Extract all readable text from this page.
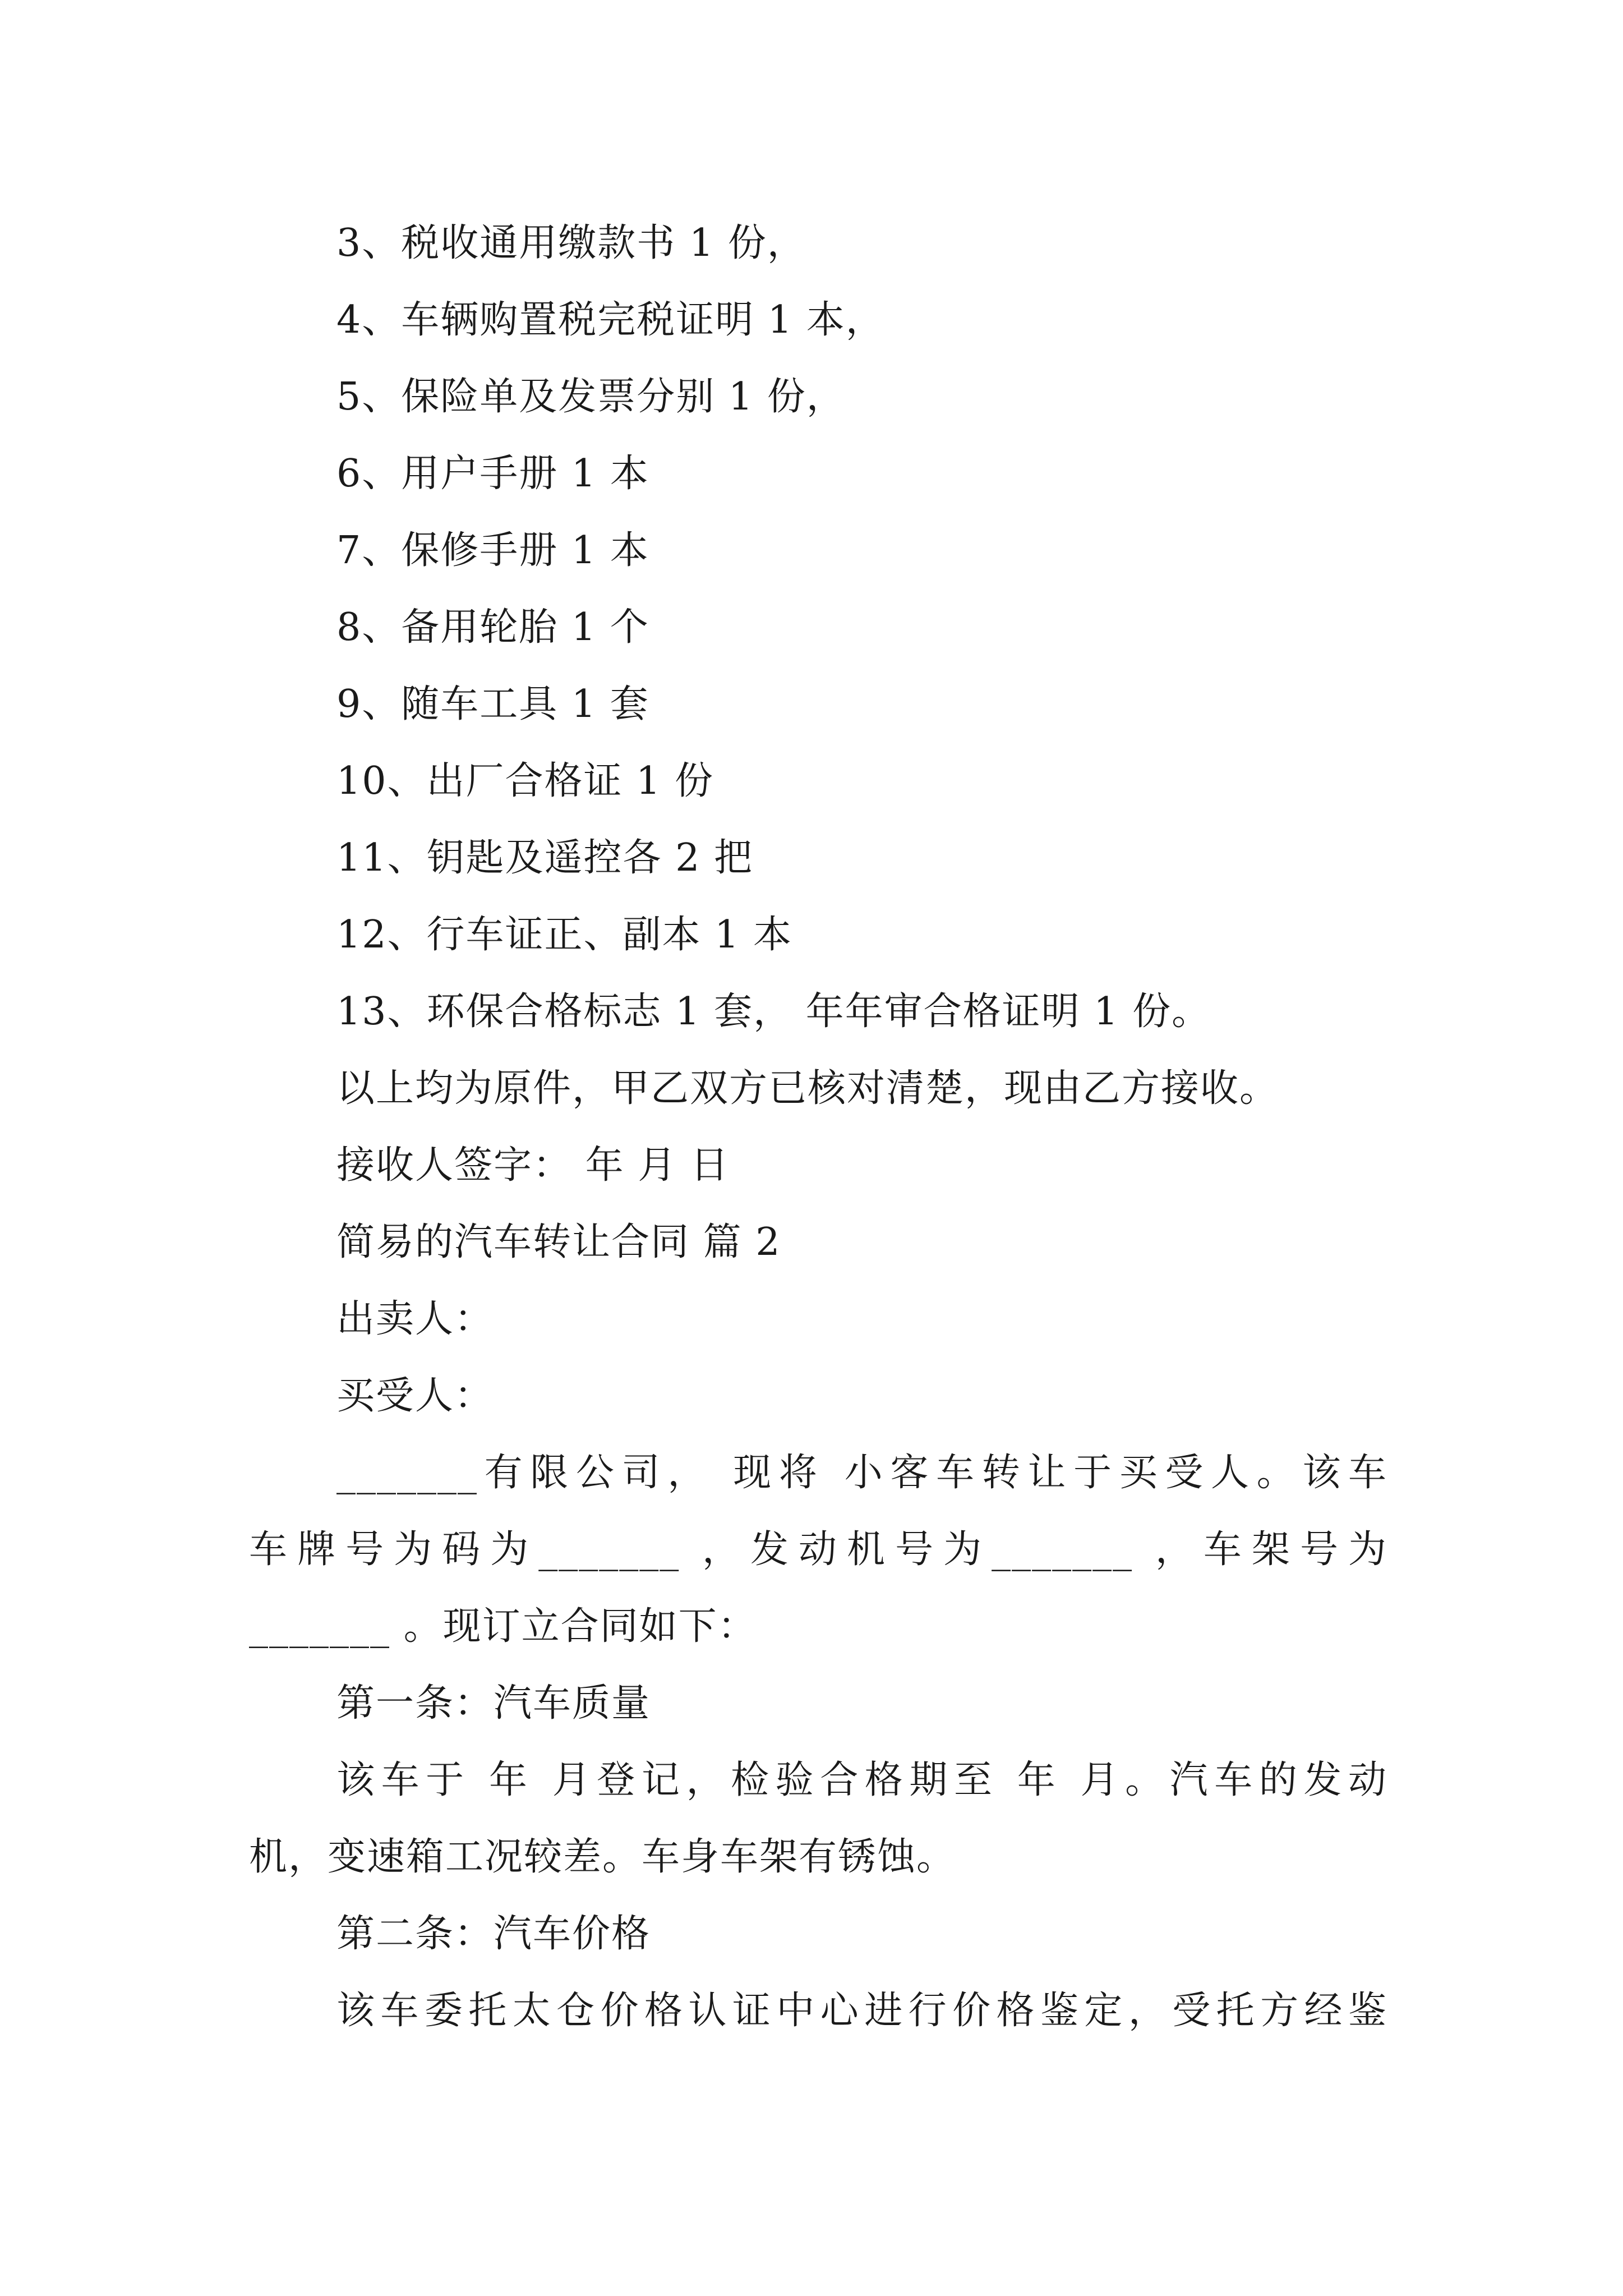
3、税收通用缴款书 1 份，
4、车辆购置税完税证明 1 本，
5、保险单及发票分别 1 份，
6、用户手册 1 本
7、保修手册 1 本
8、备用轮胎 1 个
9、随车工具 1 套
10、出厂合格证 1 份
11、钥匙及遥控各 2 把
12、行车证正、副本 1 本
13、环保合格标志 1 套， 年年审合格证明 1 份。
以上均为原件，甲乙双方已核对清楚，现由乙方接收。
接收人签字： 年 月 日
简易的汽车转让合同 篇 2
出卖人：
买受人：
_______有限公司， 现将 小客车转让于买受人。该车
车牌号为码为_______ ，发动机号为_______ ，车架号为
_______ 。现订立合同如下：
第一条：汽车质量
该车于 年 月登记，检验合格期至 年 月。汽车的发动
机，变速箱工况较差。车身车架有锈蚀。
第二条：汽车价格
该车委托太仓价格认证中心进行价格鉴定，受托方经鉴
